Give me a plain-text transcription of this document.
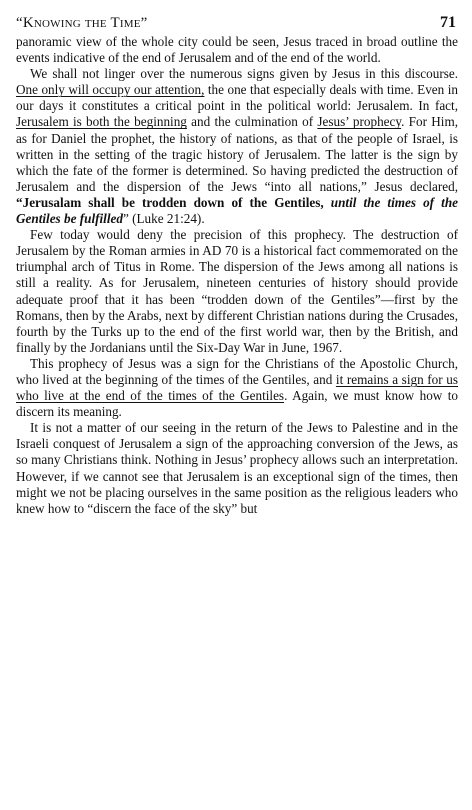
“Knowing the Time”	71

panoramic view of the whole city could be seen, Jesus traced in broad outline the events indicative of the end of Jerusalem and of the end of the world.

We shall not linger over the numerous signs given by Jesus in this discourse. One only will occupy our attention, the one that especially deals with time. Even in our days it constitutes a critical point in the political world: Jerusalem. In fact, Jerusalem is both the beginning and the culmination of Jesus’ prophecy. For Him, as for Daniel the prophet, the history of nations, as that of the people of Israel, is written in the setting of the tragic history of Jerusalem. The latter is the sign by which the fate of the former is determined. So having predicted the destruction of Jerusalem and the dispersion of the Jews “into all nations,” Jesus declared, “Jerusalam shall be trodden down of the Gentiles, until the times of the Gentiles be fulfilled” (Luke 21:24).

Few today would deny the precision of this prophecy. The destruction of Jerusalem by the Roman armies in AD 70 is a historical fact commemorated on the triumphal arch of Titus in Rome. The dispersion of the Jews among all nations is still a reality. As for Jerusalem, nineteen centuries of history should provide adequate proof that it has been “trodden down of the Gentiles”—first by the Romans, then by the Arabs, next by different Christian nations during the Crusades, fourth by the Turks up to the end of the first world war, then by the British, and finally by the Jordanians until the Six-Day War in June, 1967.

This prophecy of Jesus was a sign for the Christians of the Apostolic Church, who lived at the beginning of the times of the Gentiles, and it remains a sign for us who live at the end of the times of the Gentiles. Again, we must know how to discern its meaning.

It is not a matter of our seeing in the return of the Jews to Palestine and in the Israeli conquest of Jerusalem a sign of the approaching conversion of the Jews, as so many Christians think. Nothing in Jesus’ prophecy allows such an interpretation. However, if we cannot see that Jerusalem is an exceptional sign of the times, then might we not be placing ourselves in the same position as the religious leaders who knew how to “discern the face of the sky” but
